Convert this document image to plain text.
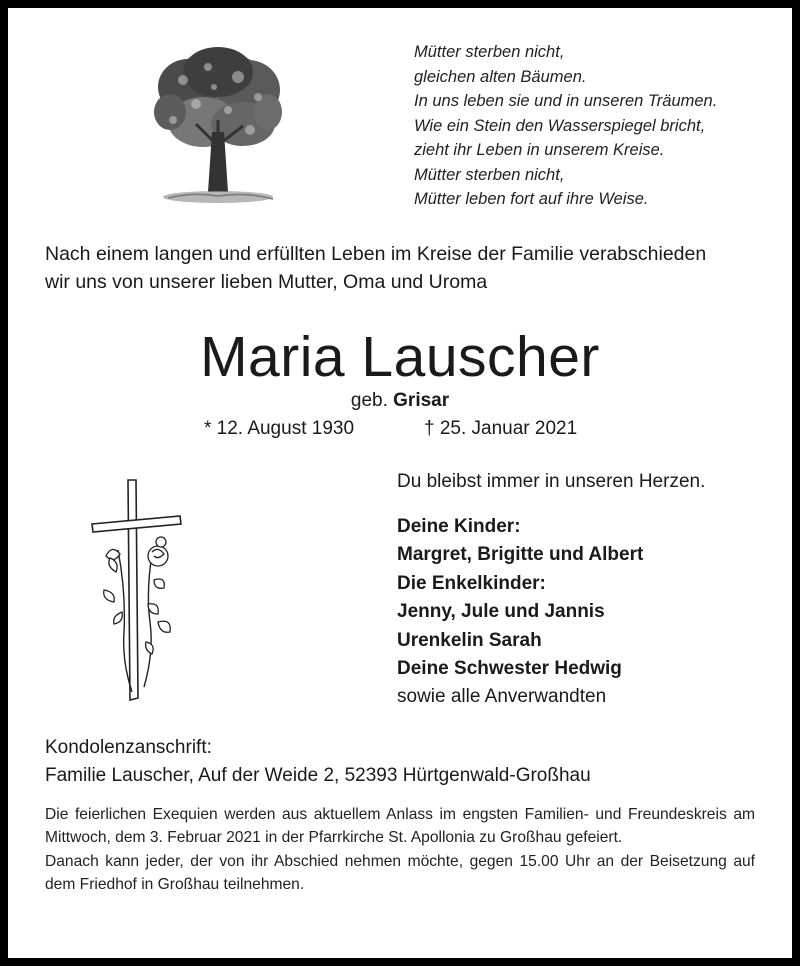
Mütter sterben nicht,
gleichen alten Bäumen.
In uns leben sie und in unseren Träumen.
Wie ein Stein den Wasserspiegel bricht,
zieht ihr Leben in unserem Kreise.
Mütter sterben nicht,
Mütter leben fort auf ihre Weise.
Nach einem langen und erfüllten Leben im Kreise der Familie verabschieden
wir uns von unserer lieben Mutter, Oma und Uroma
Maria Lauscher
geb. Grisar
* 12. August 1930	† 25. Januar 2021
Du bleibst immer in unseren Herzen.
Deine Kinder:
Margret, Brigitte und Albert
Die Enkelkinder:
Jenny, Jule und Jannis
Urenkelin Sarah
Deine Schwester Hedwig
sowie alle Anverwandten
Kondolenzanschrift:
Familie Lauscher, Auf der Weide 2, 52393 Hürtgenwald-Großhau

Die feierlichen Exequien werden aus aktuellem Anlass im engsten Familien- und Freundeskreis am Mittwoch, dem 3. Februar 2021 in der Pfarrkirche St. Apollonia zu Großhau gefeiert.

Danach kann jeder, der von ihr Abschied nehmen möchte, gegen 15.00 Uhr an der Beisetzung auf dem Friedhof in Großhau teilnehmen.
